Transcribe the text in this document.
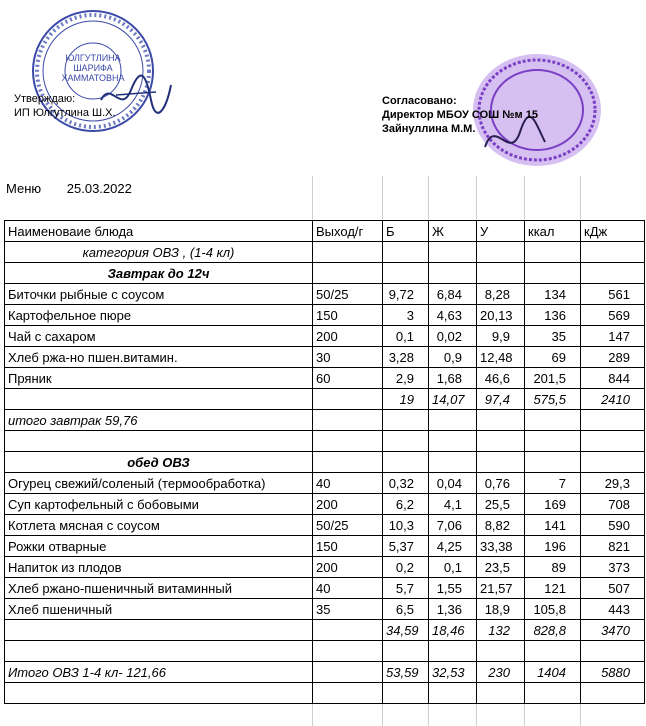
ЮЛГУТЛИНА
ШАРИФА
ХАММАТОВНА
Утверждаю:
ИП Юлгутлина Ш.Х.
Согласовано:
Директор МБОУ СОШ №м 15
Зайнуллина М.М.
Меню 25.03.2022
Наименоваие блюда	Выход/г	Б	Ж	У	ккал	кДж
категория ОВЗ , (1-4 кл)						
Завтрак до 12ч						
Биточки рыбные с соусом	50/25	9,72	6,84	8,28	134	561
Картофельное пюре	150	3	4,63	20,13	136	569
Чай с сахаром	200	0,1	0,02	9,9	35	147
Хлеб ржа-но пшен.витамин.	30	3,28	0,9	12,48	69	289
Пряник	60	2,9	1,68	46,6	201,5	844
		19	14,07	97,4	575,5	2410
итого завтрак 59,76						

обед ОВЗ						
Огурец свежий/соленый (термообработка)	40	0,32	0,04	0,76	7	29,3
Суп картофельный с бобовыми	200	6,2	4,1	25,5	169	708
Котлета мясная с соусом	50/25	10,3	7,06	8,82	141	590
Рожки отварные	150	5,37	4,25	33,38	196	821
Напиток из плодов	200	0,2	0,1	23,5	89	373
Хлеб ржано-пшеничный витаминный	40	5,7	1,55	21,57	121	507
Хлеб пшеничный	35	6,5	1,36	18,9	105,8	443
		34,59	18,46	132	828,8	3470

Итого ОВЗ 1-4 кл- 121,66		53,59	32,53	230	1404	5880
